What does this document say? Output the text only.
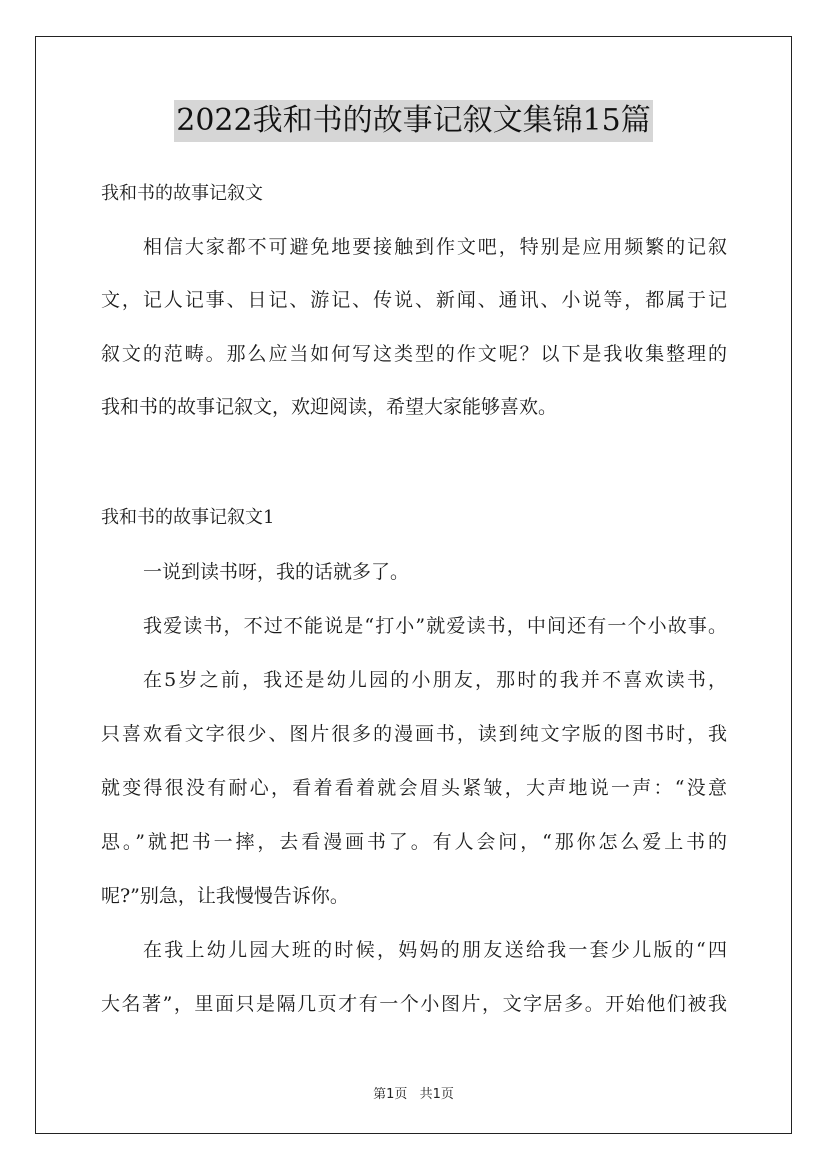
2022我和书的故事记叙文集锦15篇
我和书的故事记叙文
相信大家都不可避免地要接触到作文吧，特别是应用频繁的记叙
文，记人记事、日记、游记、传说、新闻、通讯、小说等，都属于记
叙文的范畴。那么应当如何写这类型的作文呢？以下是我收集整理的
我和书的故事记叙文，欢迎阅读，希望大家能够喜欢。
我和书的故事记叙文1
一说到读书呀，我的话就多了。
我爱读书，不过不能说是“打小”就爱读书，中间还有一个小故事。
在5岁之前，我还是幼儿园的小朋友，那时的我并不喜欢读书，
只喜欢看文字很少、图片很多的漫画书，读到纯文字版的图书时，我
就变得很没有耐心，看着看着就会眉头紧皱，大声地说一声：“没意
思。”就把书一摔，去看漫画书了。有人会问，“那你怎么爱上书的
呢?”别急，让我慢慢告诉你。
在我上幼儿园大班的时候，妈妈的朋友送给我一套少儿版的“四
大名著”，里面只是隔几页才有一个小图片，文字居多。开始他们被我
第1页 共1页
